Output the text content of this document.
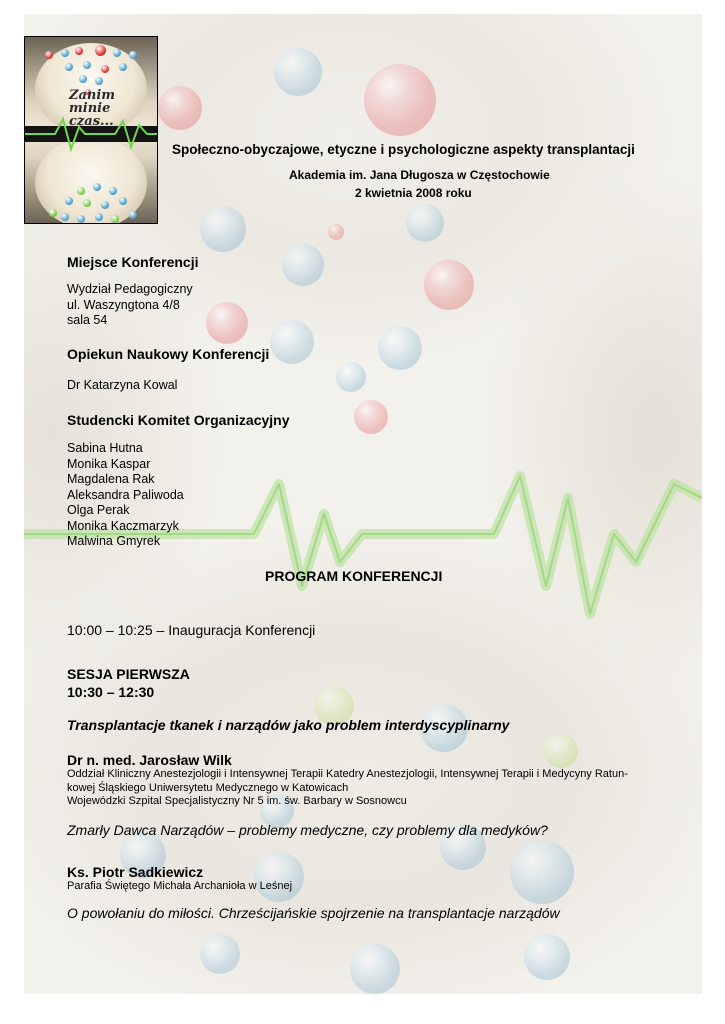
Zanim minie czas...
Społeczno-obyczajowe, etyczne i psychologiczne aspekty transplantacji
Akademia im. Jana Długosza w Częstochowie
2 kwietnia 2008 roku
Miejsce Konferencji
Wydział Pedagogiczny
ul. Waszyngtona 4/8
sala 54
Opiekun Naukowy Konferencji
Dr Katarzyna Kowal
Studencki Komitet Organizacyjny
Sabina Hutna
Monika Kaspar
Magdalena Rak
Aleksandra Paliwoda
Olga Perak
Monika Kaczmarzyk
Malwina Gmyrek
PROGRAM KONFERENCJI
10:00 – 10:25 – Inauguracja Konferencji
SESJA PIERWSZA
10:30 – 12:30
Transplantacje tkanek i narządów jako problem interdyscyplinarny
Dr n. med. Jarosław Wilk
Oddział Kliniczny Anestezjologii i Intensywnej Terapii Katedry Anestezjologii, Intensywnej Terapii i Medycyny Ratun-
kowej Śląskiego Uniwersytetu Medycznego w Katowicach
Wojewódzki Szpital Specjalistyczny Nr 5 im. św. Barbary w Sosnowcu
Zmarły Dawca Narządów – problemy medyczne, czy problemy dla medyków?
Ks. Piotr Sadkiewicz
Parafia Świętego Michała Archanioła w Leśnej
O powołaniu do miłości. Chrześcijańskie spojrzenie na transplantacje narządów
